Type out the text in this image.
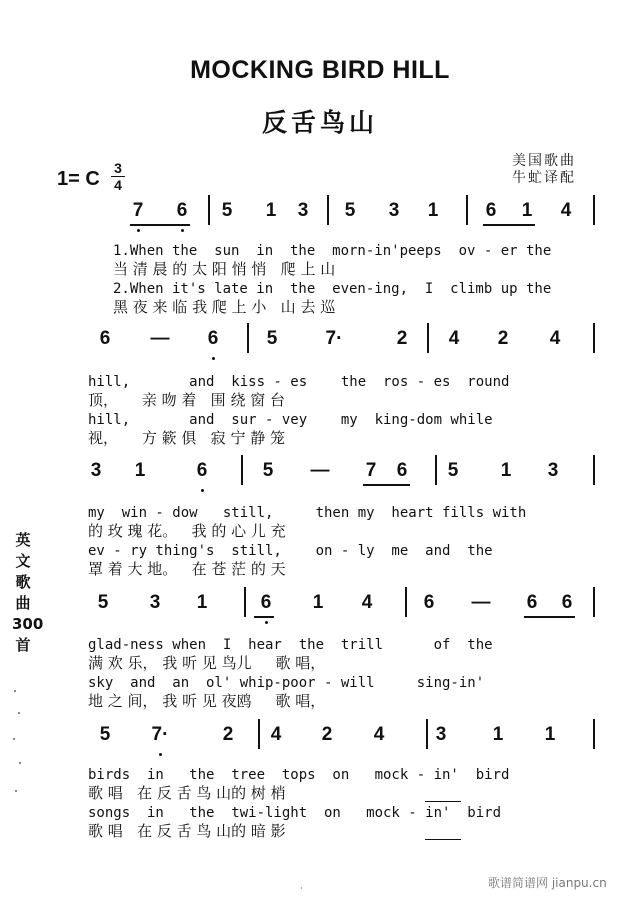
MOCKING BIRD HILL
反舌鸟山
美国歌曲
牛虻译配
1= C 3
4
7 6 5 1 3 5 3 1 6 1 4
1.When the  sun  in  the  morn-in'peeps  ov - er the
当 清 晨 的 太 阳 悄 悄   爬 上 山
2.When it's late in  the  even-ing,  I  climb up the
黑 夜 来 临 我 爬 上 小   山 去 巡
6 — 6	5	7·	2 4 2 4
hill,       and  kiss - es    the  ros - es  round
顶，     亲 吻 着   围 绕 窗 台
hill,       and  sur - vey    my  king-dom while
视，     方 簌 俱   寂 宁 静 笼
3 1	6	5 — 7 6 5 1 3
my  win - dow   still,     then my  heart fills with
的 玫 瑰 花。   我 的 心 儿 充
ev - ry thing's  still,    on - ly  me  and  the
罩 着 大 地。   在 苍 茫 的 天
5 3 1	6 1 4	6 — 6 6
glad-ness when  I  hear  the  trill      of  the
满 欢 乐， 我 听 见 鸟儿     歌 唱，
sky  and  an  ol' whip-poor - will     sing-in'
地 之 间， 我 听 见 夜鸥     歌 唱，
5 7·	2 4 2 4	3 1 1
birds  in   the  tree  tops  on   mock - in'  bird
歌 唱   在 反 舌 鸟 山的 树 梢
songs  in   the  twi-light  on   mock - in'  bird
歌 唱   在 反 舌 鸟 山的 暗 影
英文歌曲300首
·	歌谱简谱网 jianpu.cn
